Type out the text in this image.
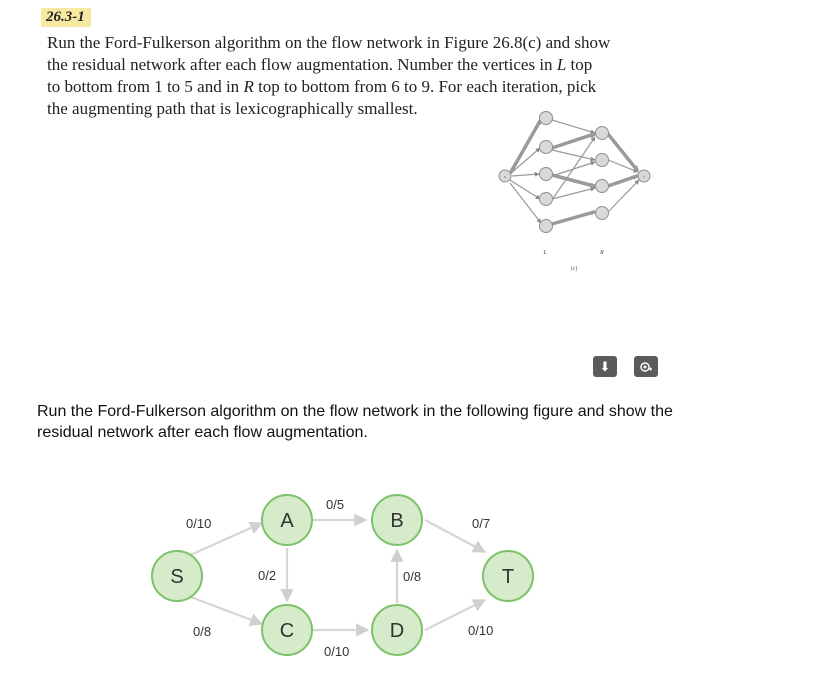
26.3-1
Run the Ford-Fulkerson algorithm on the flow network in Figure 26.8(c) and show
the residual network after each flow augmentation. Number the vertices in L top
to bottom from 1 to 5 and in R top to bottom from 6 to 9. For each iteration, pick
the augmenting path that is lexicographically smallest.
s	t
L	R
(c)
0/10
0/8
0/5
0/2
0/10
0/8
0/7
0/10
S
A	B
C	D
T
⬇
Run the Ford-Fulkerson algorithm on the flow network in the following figure and show the residual network after each flow augmentation.
